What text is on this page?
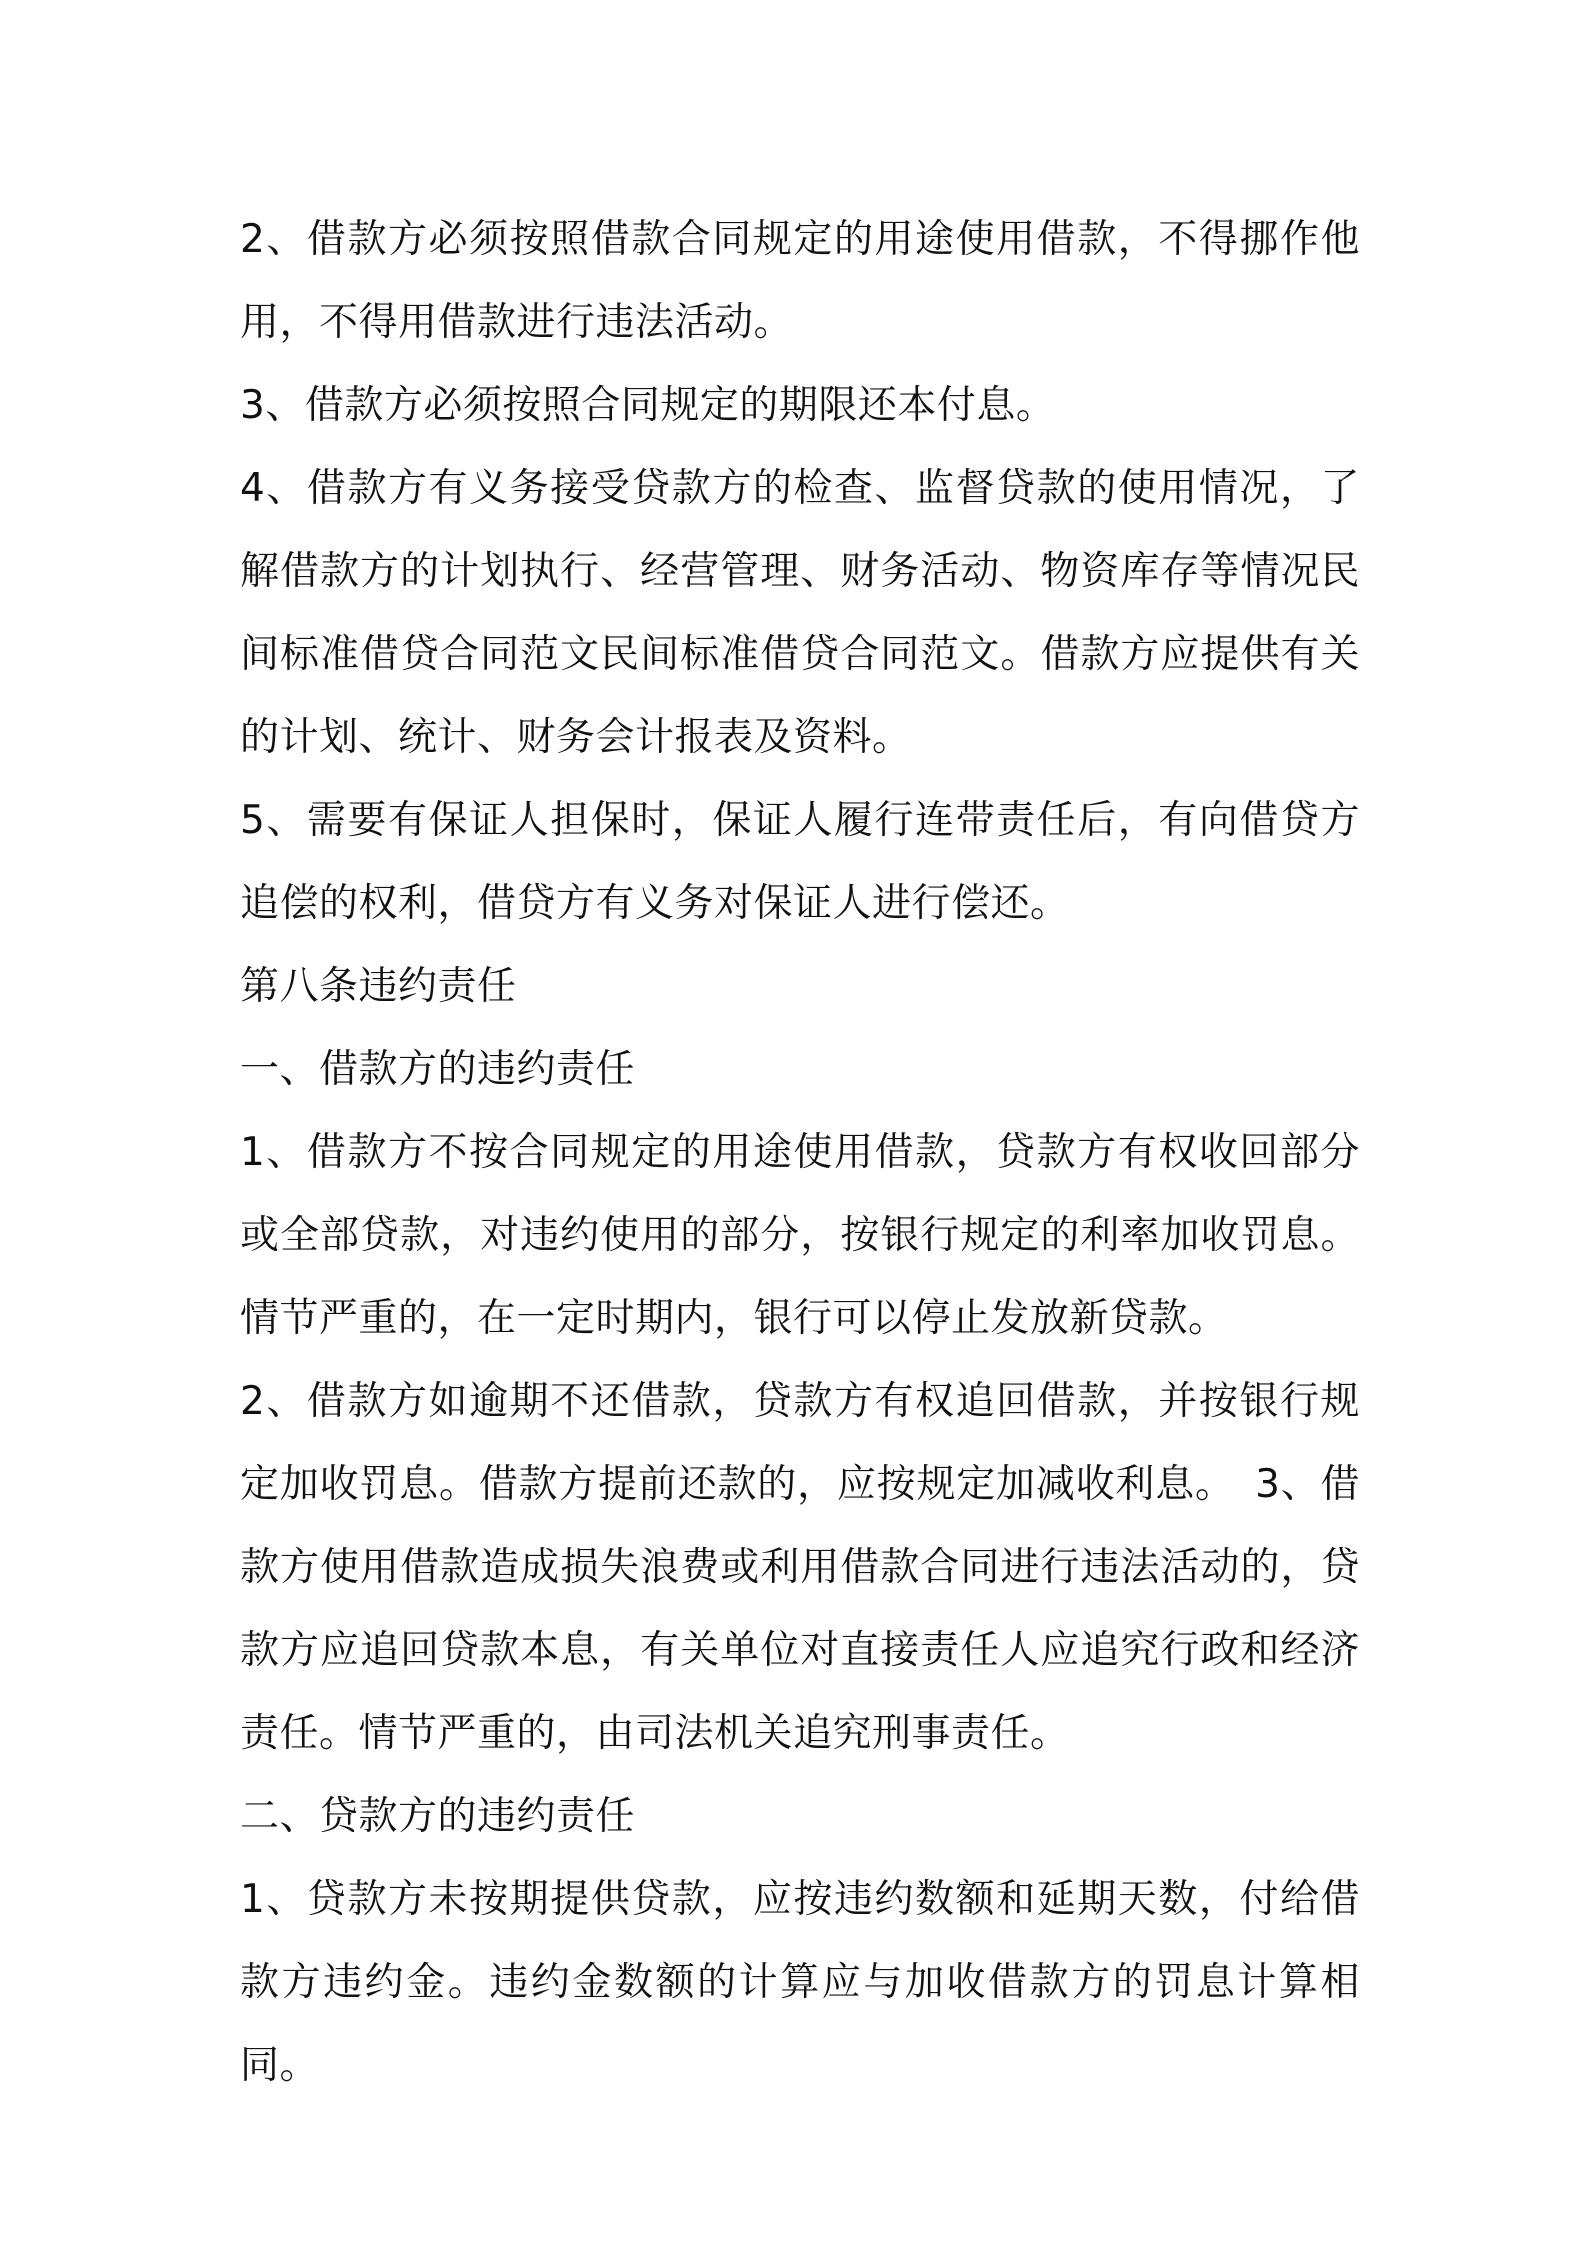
2、借款方必须按照借款合同规定的用途使用借款，不得挪作他用，不得用借款进行违法活动。

3、借款方必须按照合同规定的期限还本付息。

4、借款方有义务接受贷款方的检查、监督贷款的使用情况，了解借款方的计划执行、经营管理、财务活动、物资库存等情况民间标准借贷合同范文民间标准借贷合同范文。借款方应提供有关的计划、统计、财务会计报表及资料。

5、需要有保证人担保时，保证人履行连带责任后，有向借贷方追偿的权利，借贷方有义务对保证人进行偿还。

第八条违约责任

一、借款方的违约责任

1、借款方不按合同规定的用途使用借款，贷款方有权收回部分或全部贷款，对违约使用的部分，按银行规定的利率加收罚息。情节严重的，在一定时期内，银行可以停止发放新贷款。

2、借款方如逾期不还借款，贷款方有权追回借款，并按银行规定加收罚息。借款方提前还款的，应按规定加减收利息。　3、借款方使用借款造成损失浪费或利用借款合同进行违法活动的，贷款方应追回贷款本息，有关单位对直接责任人应追究行政和经济责任。情节严重的，由司法机关追究刑事责任。

二、贷款方的违约责任

1、贷款方未按期提供贷款，应按违约数额和延期天数，付给借款方违约金。违约金数额的计算应与加收借款方的罚息计算相同。
